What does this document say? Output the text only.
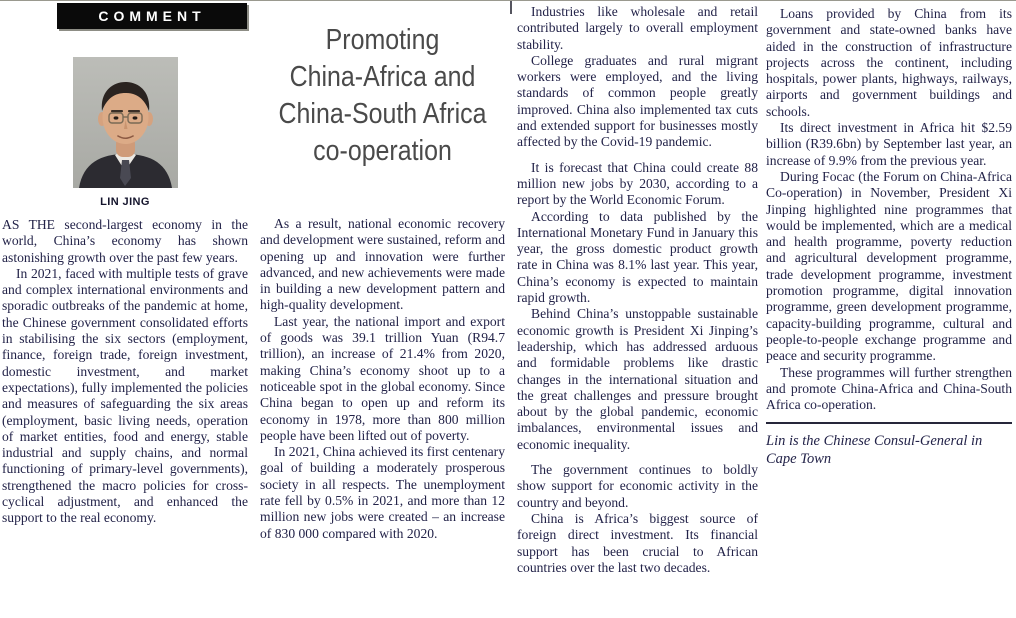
COMMENT
LIN JING

AS THE second-largest economy in the world, China’s economy has shown astonishing growth over the past few years.

In 2021, faced with multiple tests of grave and complex international environments and sporadic outbreaks of the pandemic at home, the Chinese government consolidated efforts in stabilising the six sectors (employment, finance, foreign trade, foreign investment, domestic investment, and market expectations), fully implemented the policies and measures of safeguarding the six areas (employment, basic living needs, operation of market entities, food and energy, stable industrial and supply chains, and normal functioning of primary-level governments), strengthened the macro policies for cross-cyclical adjustment, and enhanced the support to the real economy.

Promoting
China-Africa and
China-South Africa
co-operation

As a result, national economic recovery and development were sustained, reform and opening up and innovation were further advanced, and new achievements were made in building a new development pattern and high-quality development.

Last year, the national import and export of goods was 39.1 trillion Yuan (R94.7 trillion), an increase of 21.4% from 2020, making China’s economy shoot up to a noticeable spot in the global economy. Since China began to open up and reform its economy in 1978, more than 800 million people have been lifted out of poverty.

In 2021, China achieved its first centenary goal of building a moderately prosperous society in all respects. The unemployment rate fell by 0.5% in 2021, and more than 12 million new jobs were created – an increase of 830 000 compared with 2020.

Industries like wholesale and retail contributed largely to overall employment stability.

College graduates and rural migrant workers were employed, and the living standards of common people greatly improved. China also implemented tax cuts and extended support for businesses mostly affected by the Covid-19 pandemic.

It is forecast that China could create 88 million new jobs by 2030, according to a report by the World Economic Forum.

According to data published by the International Monetary Fund in January this year, the gross domestic product growth rate in China was 8.1% last year. This year, China’s economy is expected to maintain rapid growth.

Behind China’s unstoppable sustainable economic growth is President Xi Jinping’s leadership, which has addressed arduous and formidable problems like drastic changes in the international situation and the great challenges and pressure brought about by the global pandemic, economic imbalances, environmental issues and economic inequality.

The government continues to boldly show support for economic activity in the country and beyond.

China is Africa’s biggest source of foreign direct investment. Its financial support has been crucial to African countries over the last two decades.

Loans provided by China from its government and state-owned banks have aided in the construction of infrastructure projects across the continent, including hospitals, power plants, highways, railways, airports and government buildings and schools.

Its direct investment in Africa hit $2.59 billion (R39.6bn) by September last year, an increase of 9.9% from the previous year.

During Focac (the Forum on China-Africa Co-operation) in November, President Xi Jinping highlighted nine programmes that would be implemented, which are a medical and health programme, poverty reduction and agricultural development programme, trade development programme, investment promotion programme, digital innovation programme, green development programme, capacity-building programme, cultural and people-to-people exchange programme and peace and security programme.

These programmes will further strengthen and promote China-Africa and China-South Africa co-operation.

Lin is the Chinese Consul-General in Cape Town
